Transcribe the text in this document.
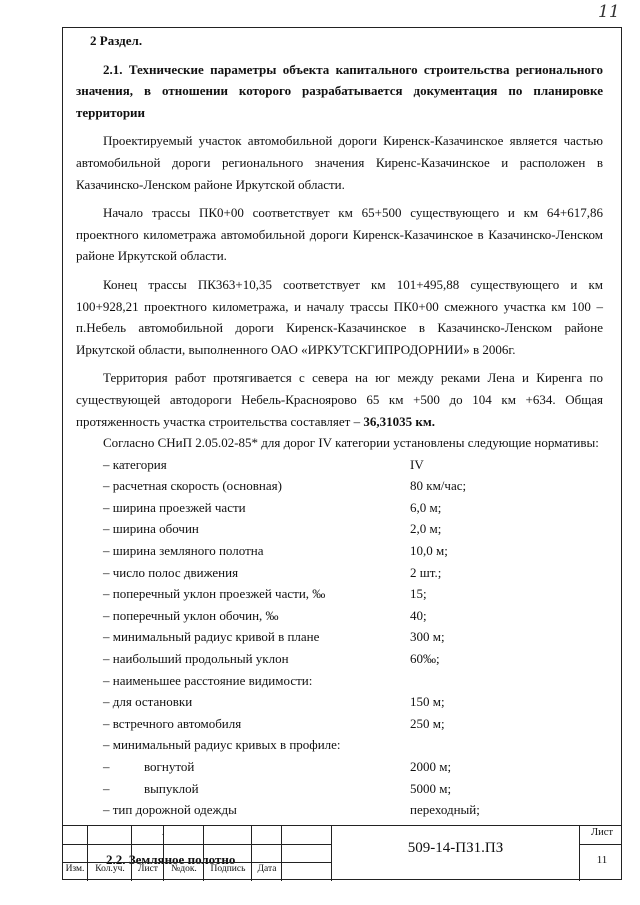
11

2 Раздел.

2.1. Технические параметры объекта капитального строительства регионального значения, в отношении которого разрабатывается документация по планировке территории

Проектируемый участок автомобильной дороги Киренск-Казачинское является частью автомобильной дороги регионального значения Киренс-Казачинское и расположен в Казачинско-Ленском районе Иркутской области.

Начало трассы ПК0+00 соответствует км 65+500 существующего и км 64+617,86 проектного километража автомобильной дороги Киренск-Казачинское в Казачинско-Ленском районе Иркутской области.

Конец трассы ПК363+10,35 соответствует км 101+495,88 существующего и км 100+928,21 проектного километража, и началу трассы ПК0+00 смежного участка км 100 – п.Небель автомобильной дороги Киренск-Казачинское в Казачинско-Ленском районе Иркутской области, выполненного ОАО «ИРКУТСКГИПРОДОРНИИ» в 2006г.

Территория работ протягивается с севера на юг между реками Лена и Киренга по существующей автодороги Небель-Красноярово 65 км +500 до 104 км +634. Общая протяженность участка строительства составляет – 36,31035 км.

Согласно СНиП 2.05.02-85* для дорог IV категории установлены следующие нормативы:

– категория	IV
– расчетная скорость (основная)	80 км/час;
– ширина проезжей части	6,0 м;
– ширина обочин	2,0 м;
– ширина земляного полотна	10,0 м;
– число полос движения	2 шт.;
– поперечный уклон проезжей части, ‰	15;
– поперечный уклон обочин, ‰	40;
– минимальный радиус кривой в плане	300 м;
– наибольший продольный уклон	60‰;
– наименьшее расстояние видимости:
– для остановки	150 м;
– встречного автомобиля	250 м;
– минимальный радиус кривых в профиле:
–	вогнутой	2000 м;
–	выпуклой	5000 м;
– тип дорожной одежды	переходный;

2.2. Земляное полотно

.
Изм.	Кол.уч.	Лист	№док.	Подпись	Дата
509-14-ПЗ1.ПЗ
Лист
11
